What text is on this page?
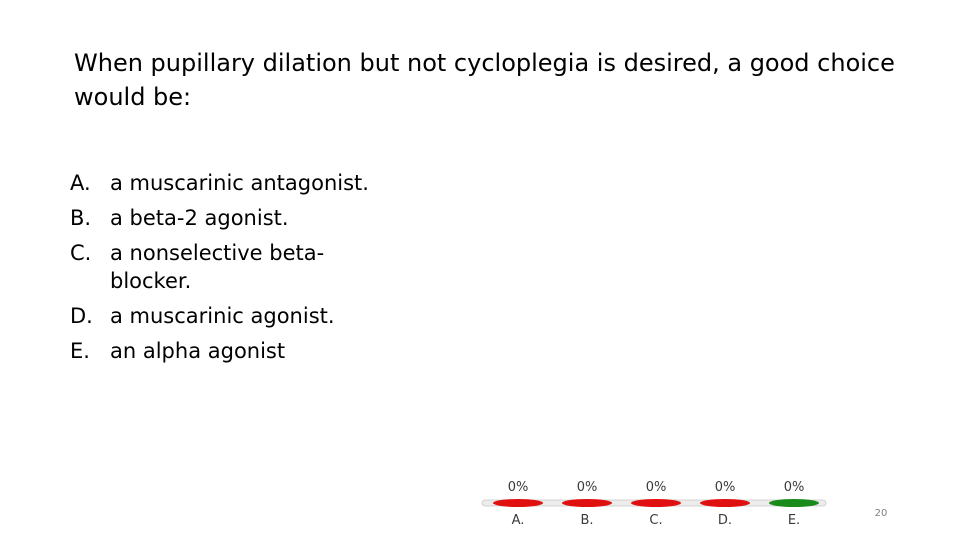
When pupillary dilation but not cycloplegia is desired, a good choice would be:
A. a muscarinic antagonist.
B. a beta-2 agonist.
C. a nonselective beta-blocker.
D. a muscarinic agonist.
E. an alpha agonist
0%
A.
0%
B.
0%
C.
0%
D.
0%
E.	20
